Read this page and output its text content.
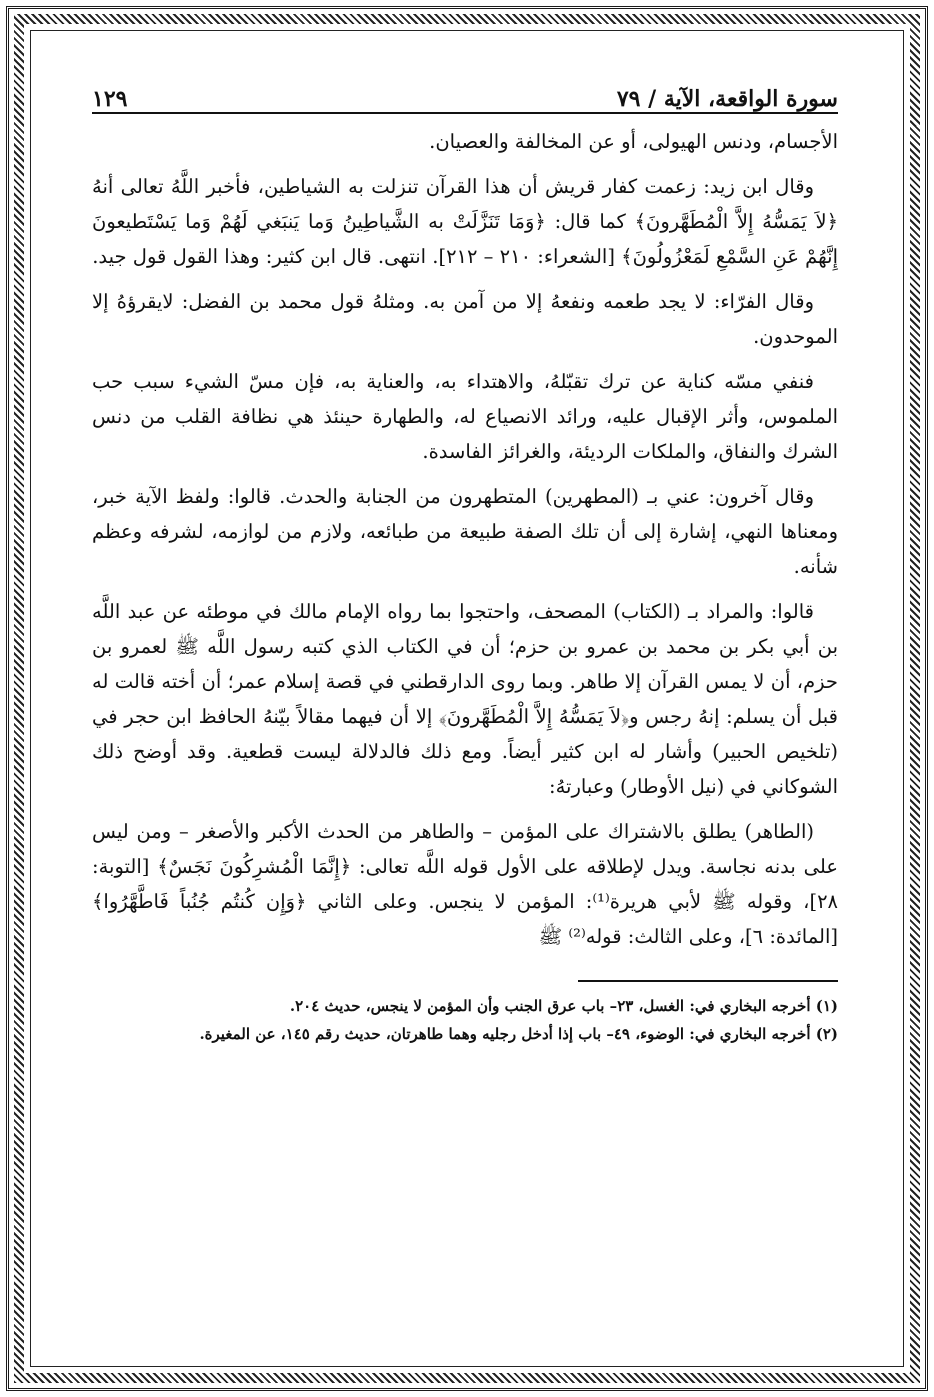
سورة الواقعة، الآية / ٧٩
١٢٩

الأجسام، ودنس الهيولى، أو عن المخالفة والعصيان.

وقال ابن زيد: زعمت كفار قريش أن هذا القرآن تنزلت به الشياطين، فأخبر اللَّهُ تعالى أنهُ ﴿لاَ يَمَسُّهُ إِلاَّ الْمُطَهَّرونَ﴾ كما قال: ﴿وَمَا تَنَزَّلَتْ به الشَّياطِينُ وَما يَنبَغي لَهُمْ وَما يَسْتَطيعونَ إِنَّهُمْ عَنِ السَّمْعِ لَمَعْزُولُونَ﴾ [الشعراء: ٢١٠ – ٢١٢]. انتهى. قال ابن كثير: وهذا القول قول جيد.

وقال الفرّاء: لا يجد طعمه ونفعهُ إلا من آمن به. ومثلهُ قول محمد بن الفضل: لايقرؤهُ إلا الموحدون.

فنفي مسّه كناية عن ترك تقبّلهُ، والاهتداء به، والعناية به، فإن مسّ الشيء سبب حب الملموس، وأثر الإقبال عليه، ورائد الانصياع له، والطهارة حينئذ هي نظافة القلب من دنس الشرك والنفاق، والملكات الرديئة، والغرائز الفاسدة.

وقال آخرون: عني بـ (المطهرين) المتطهرون من الجنابة والحدث. قالوا: ولفظ الآية خبر، ومعناها النهي، إشارة إلى أن تلك الصفة طبيعة من طبائعه، ولازم من لوازمه، لشرفه وعظم شأنه.

قالوا: والمراد بـ (الكتاب) المصحف، واحتجوا بما رواه الإمام مالك في موطئه عن عبد اللَّه بن أبي بكر بن محمد بن عمرو بن حزم؛ أن في الكتاب الذي كتبه رسول اللَّه ﷺ لعمرو بن حزم، أن لا يمس القرآن إلا طاهر. وبما روى الدارقطني في قصة إسلام عمر؛ أن أخته قالت له قبل أن يسلم: إنهُ رجس و﴿لاَ يَمَسُّهُ إِلاَّ الْمُطَهَّرونَ﴾ إلا أن فيهما مقالاً بيّنهُ الحافظ ابن حجر في (تلخيص الحبير) وأشار له ابن كثير أيضاً. ومع ذلك فالدلالة ليست قطعية. وقد أوضح ذلك الشوكاني في (نيل الأوطار) وعبارتهُ:

(الطاهر) يطلق بالاشتراك على المؤمن – والطاهر من الحدث الأكبر والأصغر – ومن ليس على بدنه نجاسة. ويدل لإطلاقه على الأول قوله اللَّه تعالى: ﴿إِنَّمَا الْمُشرِكُونَ نَجَسٌ﴾ [التوبة: ٢٨]، وقوله ﷺ لأبي هريرة⁽¹⁾: المؤمن لا ينجس. وعلى الثاني ﴿وَإِن كُنتُم جُنُباً فَاطَّهَّرُوا﴾ [المائدة: ٦]، وعلى الثالث: قوله⁽²⁾ ﷺ

(١) أخرجه البخاري في: الغسل، ٢٣– باب عرق الجنب وأن المؤمن لا ينجس، حديث ٢٠٤.

(٢) أخرجه البخاري في: الوضوء، ٤٩– باب إذا أدخل رجليه وهما طاهرتان، حديث رقم ١٤٥، عن المغيرة.
